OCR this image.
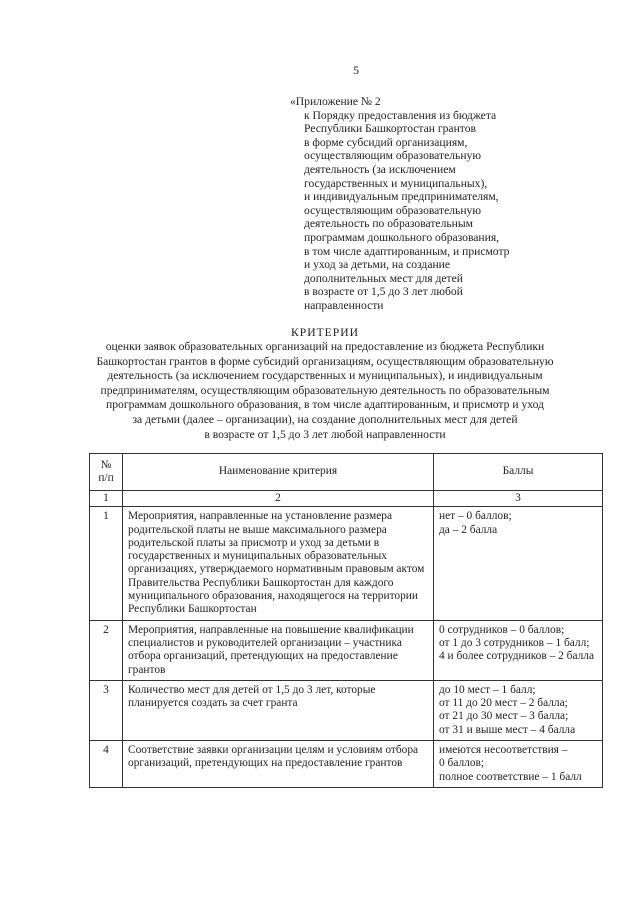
5
«Приложение № 2
к Порядку предоставления из бюджета
Республики Башкортостан грантов
в форме субсидий организациям,
осуществляющим образовательную
деятельность (за исключением
государственных и муниципальных),
и индивидуальным предпринимателям,
осуществляющим образовательную
деятельность по образовательным
программам дошкольного образования,
в том числе адаптированным, и присмотр
и уход за детьми, на создание
дополнительных мест для детей
в возрасте от 1,5 до 3 лет любой
направленности
КРИТЕРИИ
оценки заявок образовательных организаций на предоставление из бюджета Республики
Башкортостан грантов в форме субсидий организациям, осуществляющим образовательную
деятельность (за исключением государственных и муниципальных), и индивидуальным
предпринимателям, осуществляющим образовательную деятельность по образовательным
программам дошкольного образования, в том числе адаптированным, и присмотр и уход
за детьми (далее – организации), на создание дополнительных мест для детей
в возрасте от 1,5 до 3 лет любой направленности
№ п/п	Наименование критерия	Баллы
1	2	3
1	Мероприятия, направленные на установление размера родительской платы не выше максимального размера родительской платы за присмотр и уход за детьми в государственных и муниципальных образовательных организациях, утверждаемого нормативным правовым актом Правительства Республики Башкортостан для каждого муниципального образования, находящегося на территории Республики Башкортостан	нет – 0 баллов;
да – 2 балла

2	Мероприятия, направленные на повышение квалификации специалистов и руководителей организации – участника отбора организаций, претендующих на предоставление грантов	0 сотрудников – 0 баллов;
от 1 до 3 сотрудников – 1 балл;
4 и более сотрудников – 2 балла

3	Количество мест для детей от 1,5 до 3 лет, которые планируется создать за счет гранта	до 10 мест – 1 балл;
от 11 до 20 мест – 2 балла;
от 21 до 30 мест – 3 балла;
от 31 и выше мест – 4 балла

4	Соответствие заявки организации целям и условиям отбора организаций, претендующих на предоставление грантов	имеются несоответствия –
0 баллов;
полное соответствие – 1 балл
